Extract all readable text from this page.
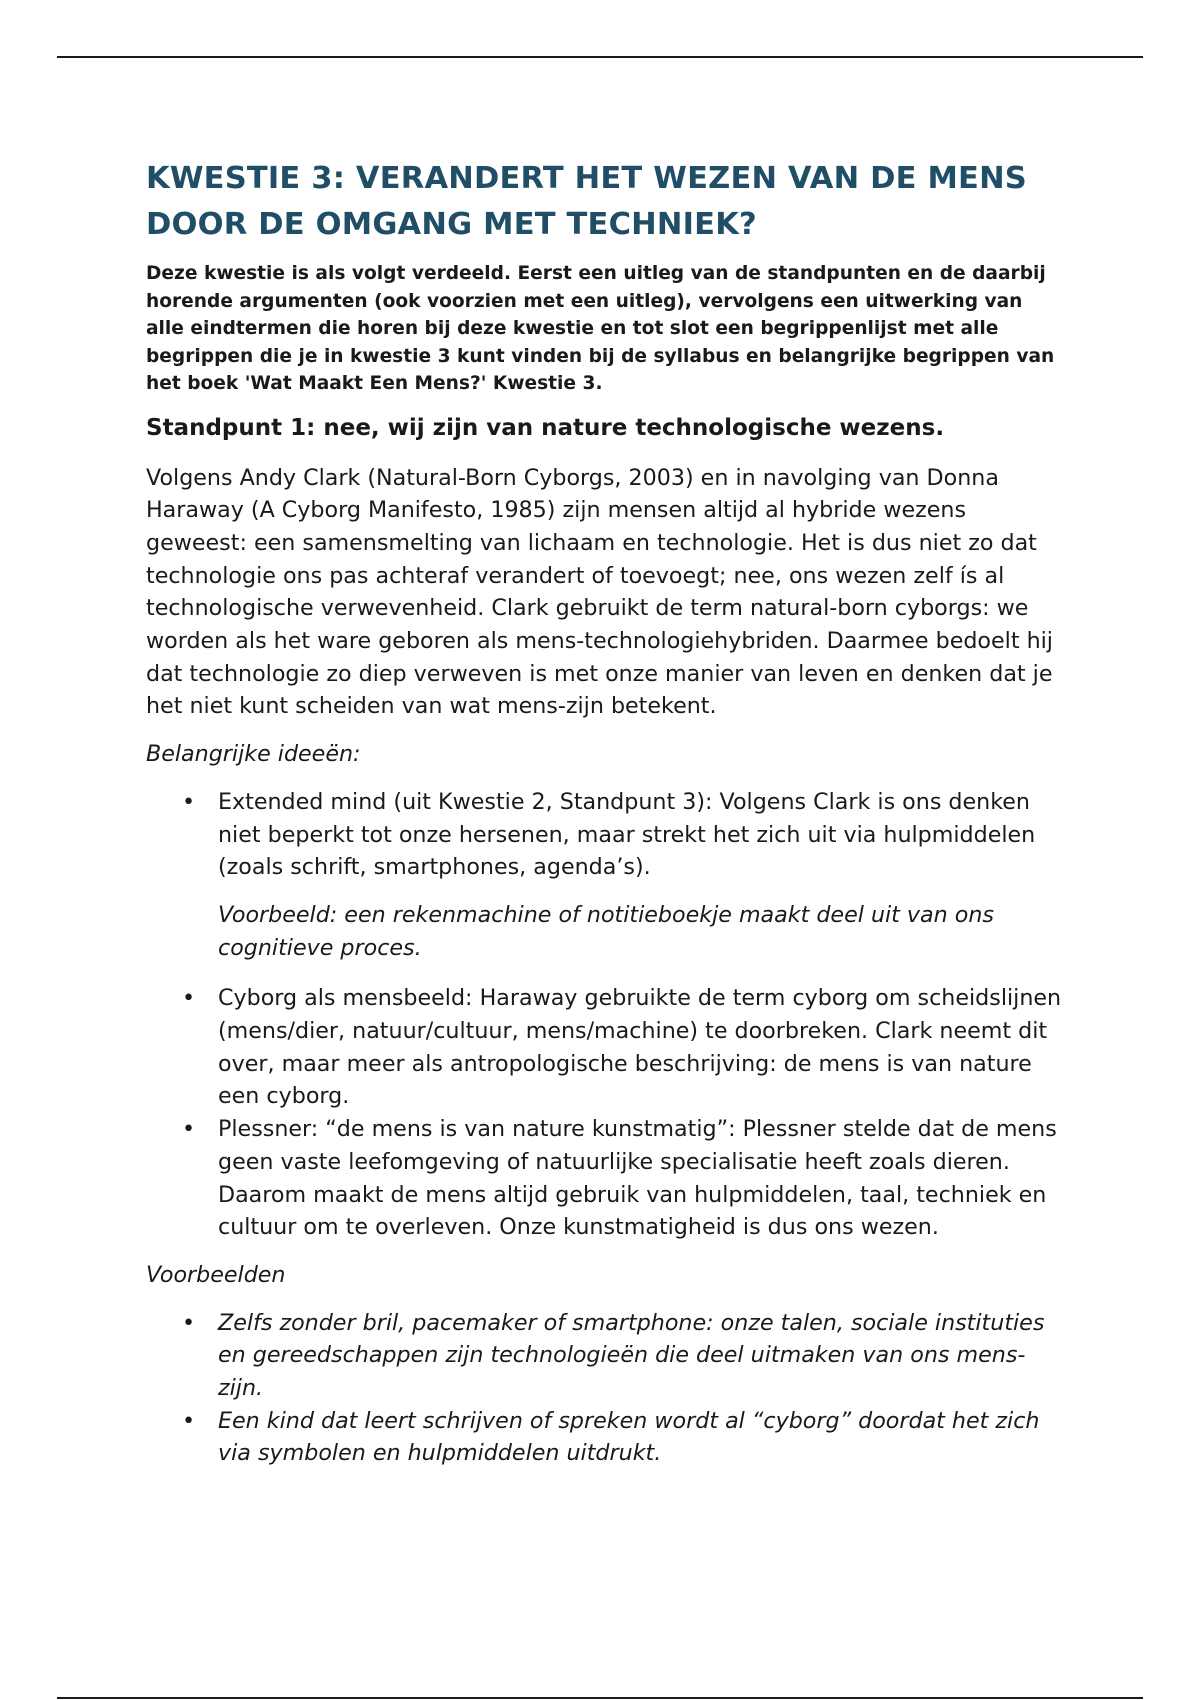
KWESTIE 3: VERANDERT HET WEZEN VAN DE MENS DOOR DE OMGANG MET TECHNIEK?
Deze kwestie is als volgt verdeeld. Eerst een uitleg van de standpunten en de daarbij horende argumenten (ook voorzien met een uitleg), vervolgens een uitwerking van alle eindtermen die horen bij deze kwestie en tot slot een begrippenlijst met alle begrippen die je in kwestie 3 kunt vinden bij de syllabus en belangrijke begrippen van het boek 'Wat Maakt Een Mens?' Kwestie 3.
Standpunt 1: nee, wij zijn van nature technologische wezens.

Volgens Andy Clark (Natural-Born Cyborgs, 2003) en in navolging van Donna Haraway (A Cyborg Manifesto, 1985) zijn mensen altijd al hybride wezens geweest: een samensmelting van lichaam en technologie. Het is dus niet zo dat technologie ons pas achteraf verandert of toevoegt; nee, ons wezen zelf ís al technologische verwevenheid. Clark gebruikt de term natural-born cyborgs: we worden als het ware geboren als mens-technologiehybriden. Daarmee bedoelt hij dat technologie zo diep verweven is met onze manier van leven en denken dat je het niet kunt scheiden van wat mens-zijn betekent.

Belangrijke ideeën:

• Extended mind (uit Kwestie 2, Standpunt 3): Volgens Clark is ons denken niet beperkt tot onze hersenen, maar strekt het zich uit via hulpmiddelen (zoals schrift, smartphones, agenda’s).
Voorbeeld: een rekenmachine of notitieboekje maakt deel uit van ons cognitieve proces.
• Cyborg als mensbeeld: Haraway gebruikte de term cyborg om scheidslijnen (mens/dier, natuur/cultuur, mens/machine) te doorbreken. Clark neemt dit over, maar meer als antropologische beschrijving: de mens is van nature een cyborg.
• Plessner: “de mens is van nature kunstmatig”: Plessner stelde dat de mens geen vaste leefomgeving of natuurlijke specialisatie heeft zoals dieren. Daarom maakt de mens altijd gebruik van hulpmiddelen, taal, techniek en cultuur om te overleven. Onze kunstmatigheid is dus ons wezen.

Voorbeelden

• Zelfs zonder bril, pacemaker of smartphone: onze talen, sociale instituties en gereedschappen zijn technologieën die deel uitmaken van ons mens-zijn.
• Een kind dat leert schrijven of spreken wordt al “cyborg” doordat het zich via symbolen en hulpmiddelen uitdrukt.
